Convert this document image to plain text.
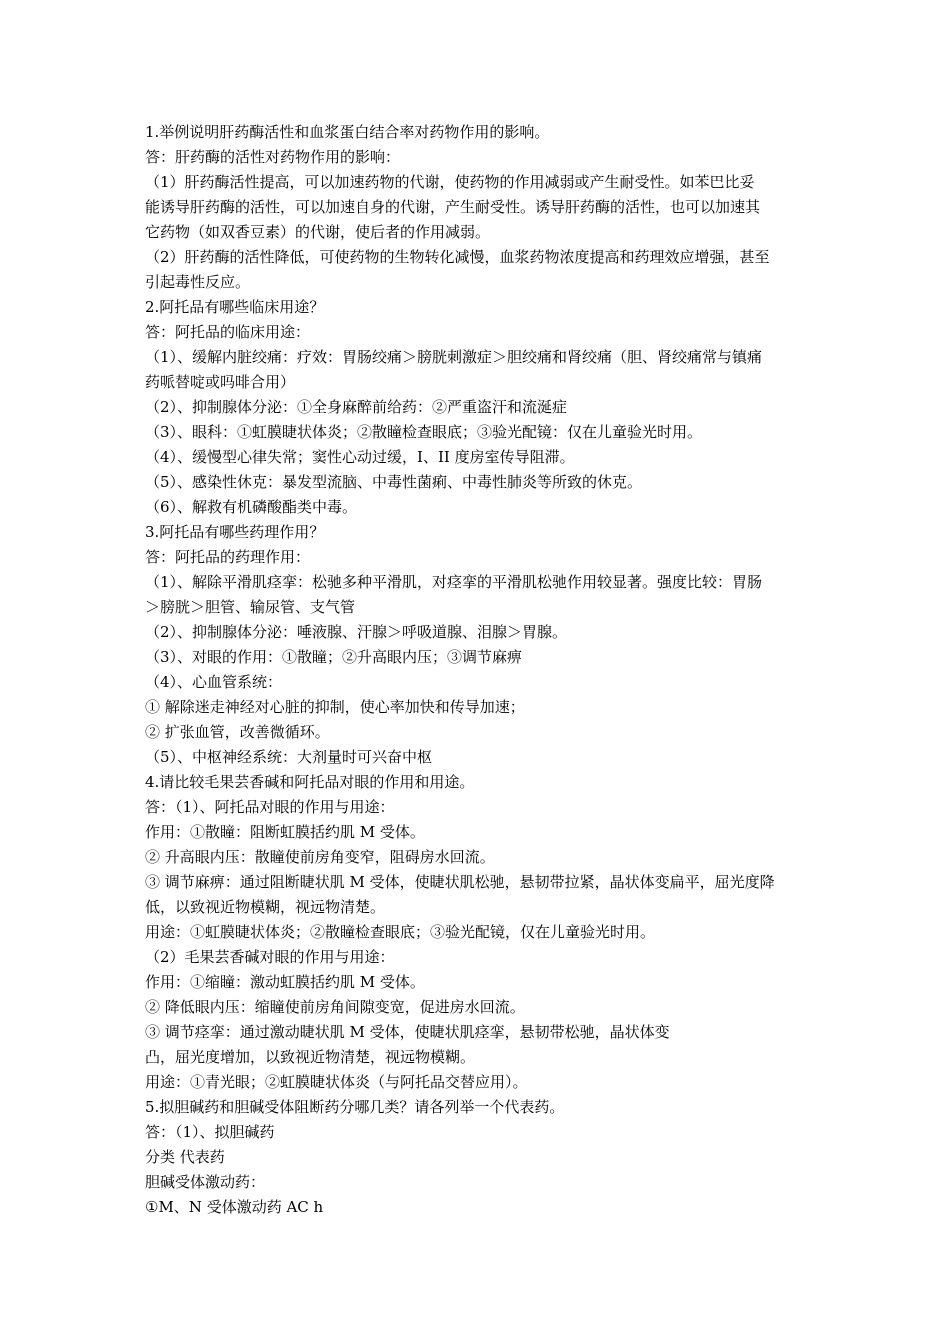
1.举例说明肝药酶活性和血浆蛋白结合率对药物作用的影响。
答：肝药酶的活性对药物作用的影响：
（1）肝药酶活性提高，可以加速药物的代谢，使药物的作用减弱或产生耐受性。如苯巴比妥
能诱导肝药酶的活性，可以加速自身的代谢，产生耐受性。诱导肝药酶的活性，也可以加速其
它药物（如双香豆素）的代谢，使后者的作用减弱。
（2）肝药酶的活性降低，可使药物的生物转化减慢，血浆药物浓度提高和药理效应增强，甚至
引起毒性反应。
2.阿托品有哪些临床用途？
答：阿托品的临床用途：
（1）、缓解内脏绞痛：疗效：胃肠绞痛＞膀胱刺激症＞胆绞痛和肾绞痛（胆、肾绞痛常与镇痛
药哌替啶或吗啡合用）
（2）、抑制腺体分泌：①全身麻醉前给药：②严重盗汗和流涎症
（3）、眼科：①虹膜睫状体炎；②散瞳检查眼底；③验光配镜：仅在儿童验光时用。
（4）、缓慢型心律失常；窦性心动过缓，I、II 度房室传导阻滞。
（5）、感染性休克：暴发型流脑、中毒性菌痢、中毒性肺炎等所致的休克。
（6）、解救有机磷酸酯类中毒。
3.阿托品有哪些药理作用？
答：阿托品的药理作用：
（1）、解除平滑肌痉挛：松驰多种平滑肌，对痉挛的平滑肌松驰作用较显著。强度比较：胃肠
＞膀胱＞胆管、输尿管、支气管
（2）、抑制腺体分泌：唾液腺、汗腺＞呼吸道腺、泪腺＞胃腺。
（3）、对眼的作用：①散瞳；②升高眼内压；③调节麻痹
（4）、心血管系统：
① 解除迷走神经对心脏的抑制，使心率加快和传导加速；
② 扩张血管，改善微循环。
（5）、中枢神经系统：大剂量时可兴奋中枢
4.请比较毛果芸香碱和阿托品对眼的作用和用途。
答：（1）、阿托品对眼的作用与用途：
作用：①散瞳：阻断虹膜括约肌 M 受体。
② 升高眼内压：散瞳使前房角变窄，阻碍房水回流。
③ 调节麻痹：通过阻断睫状肌 M 受体，使睫状肌松驰，悬韧带拉紧，晶状体变扁平，屈光度降
低，以致视近物模糊，视远物清楚。
用途：①虹膜睫状体炎；②散瞳检查眼底；③验光配镜，仅在儿童验光时用。
（2）毛果芸香碱对眼的作用与用途：
作用：①缩瞳：激动虹膜括约肌 M 受体。
② 降低眼内压：缩瞳使前房角间隙变宽，促进房水回流。
③ 调节痉挛：通过激动睫状肌 M 受体，使睫状肌痉挛，悬韧带松驰，晶状体变
凸，屈光度增加，以致视近物清楚，视远物模糊。
用途：①青光眼；②虹膜睫状体炎（与阿托品交替应用）。
5.拟胆碱药和胆碱受体阻断药分哪几类？请各列举一个代表药。
答：（1）、拟胆碱药
分类 代表药
胆碱受体激动药：
①M、N 受体激动药 AC h
